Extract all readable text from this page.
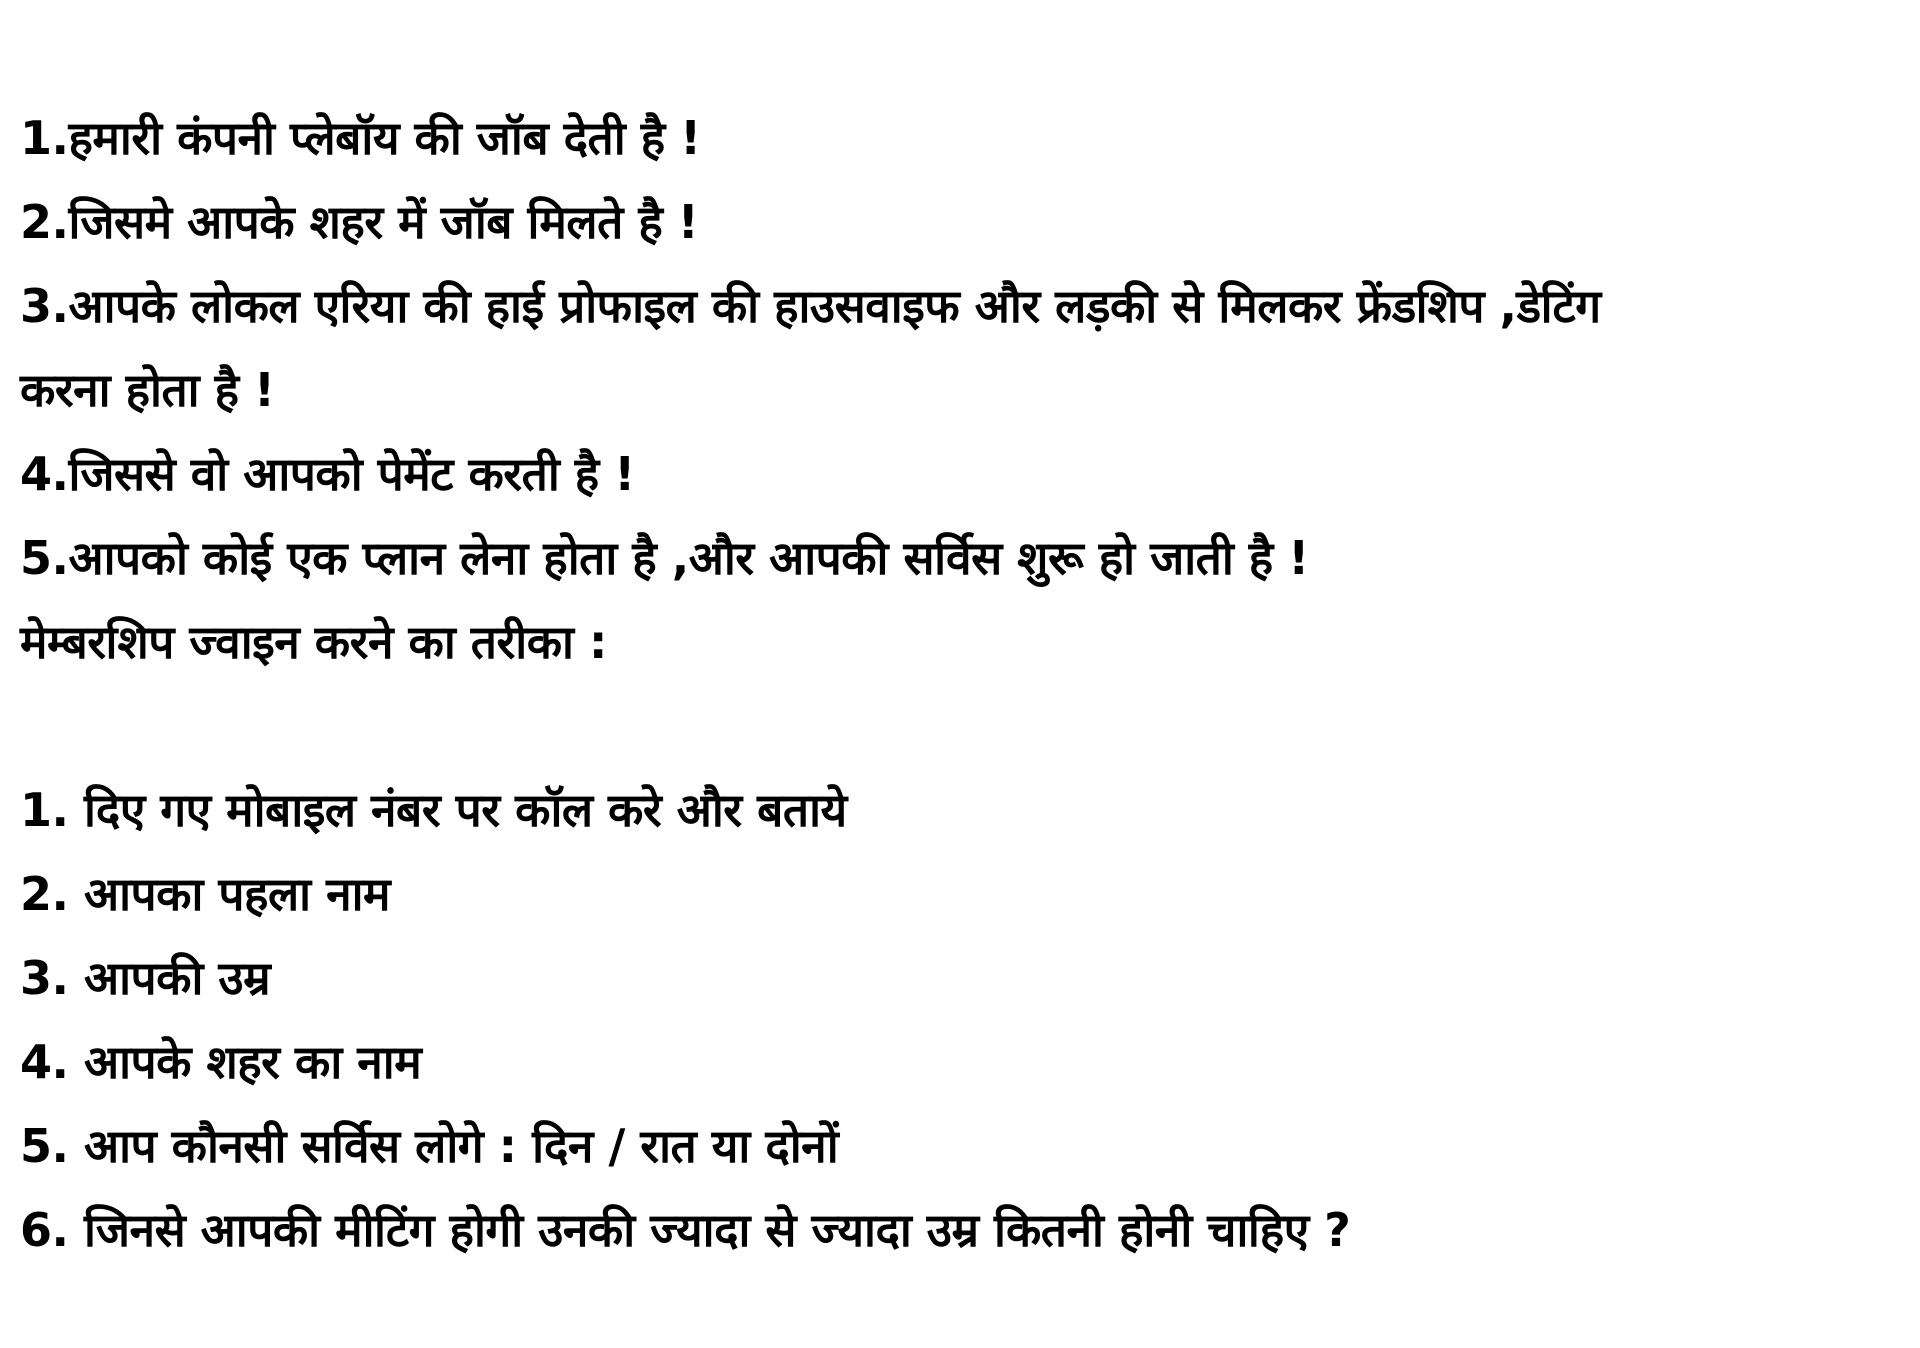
1.हमारी कंपनी प्लेबॉय की जॉब देती है !
2.जिसमे आपके शहर में जॉब मिलते है !
3.आपके लोकल एरिया की हाई प्रोफाइल की हाउसवाइफ और लड़की से मिलकर फ्रेंडशिप ,डेटिंग
करना होता है !
4.जिससे वो आपको पेमेंट करती है !
5.आपको कोई एक प्लान लेना होता है ,और आपकी सर्विस शुरू हो जाती है !
मेम्बरशिप ज्वाइन करने का तरीका :
1. दिए गए मोबाइल नंबर पर कॉल करे और बताये
2. आपका पहला नाम
3. आपकी उम्र
4. आपके शहर का नाम
5. आप कौनसी सर्विस लोगे : दिन / रात या दोनों
6. जिनसे आपकी मीटिंग होगी उनकी ज्यादा से ज्यादा उम्र कितनी होनी चाहिए ?
